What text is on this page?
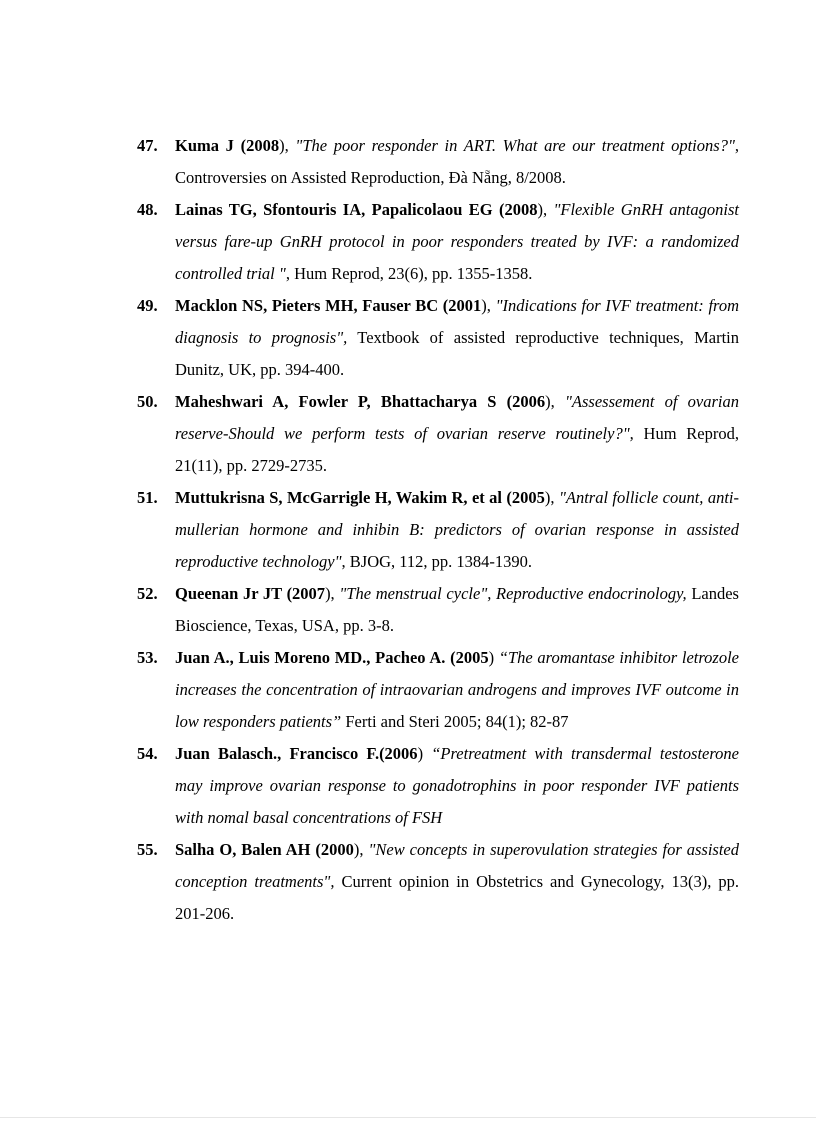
47. Kuma J (2008), "The poor responder in ART. What are our treatment options?", Controversies on Assisted Reproduction, Đà Nẵng, 8/2008.
48. Lainas TG, Sfontouris IA, Papalicolaou EG (2008), "Flexible GnRH antagonist versus fare-up GnRH protocol in poor responders treated by IVF: a randomized controlled trial ", Hum Reprod, 23(6), pp. 1355-1358.
49. Macklon NS, Pieters MH, Fauser BC (2001), "Indications for IVF treatment: from diagnosis to prognosis", Textbook of assisted reproductive techniques, Martin Dunitz, UK, pp. 394-400.
50. Maheshwari A, Fowler P, Bhattacharya S (2006), "Assessement of ovarian reserve-Should we perform tests of ovarian reserve routinely?", Hum Reprod, 21(11), pp. 2729-2735.
51. Muttukrisna S, McGarrigle H, Wakim R, et al (2005), "Antral follicle count, anti-mullerian hormone and inhibin B: predictors of ovarian response in assisted reproductive technology", BJOG, 112, pp. 1384-1390.
52. Queenan Jr JT (2007), "The menstrual cycle", Reproductive endocrinology, Landes Bioscience, Texas, USA, pp. 3-8.
53. Juan A., Luis Moreno MD., Pacheo A. (2005) “The aromantase inhibitor letrozole increases the concentration of intraovarian androgens and improves IVF outcome in low responders patients” Ferti and Steri 2005; 84(1); 82-87
54. Juan Balasch., Francisco F.(2006) “Pretreatment with transdermal testosterone may improve ovarian response to gonadotrophins in poor responder IVF patients with nomal basal concentrations of FSH
55. Salha O, Balen AH (2000), "New concepts in superovulation strategies for assisted conception treatments", Current opinion in Obstetrics and Gynecology, 13(3), pp. 201-206.
